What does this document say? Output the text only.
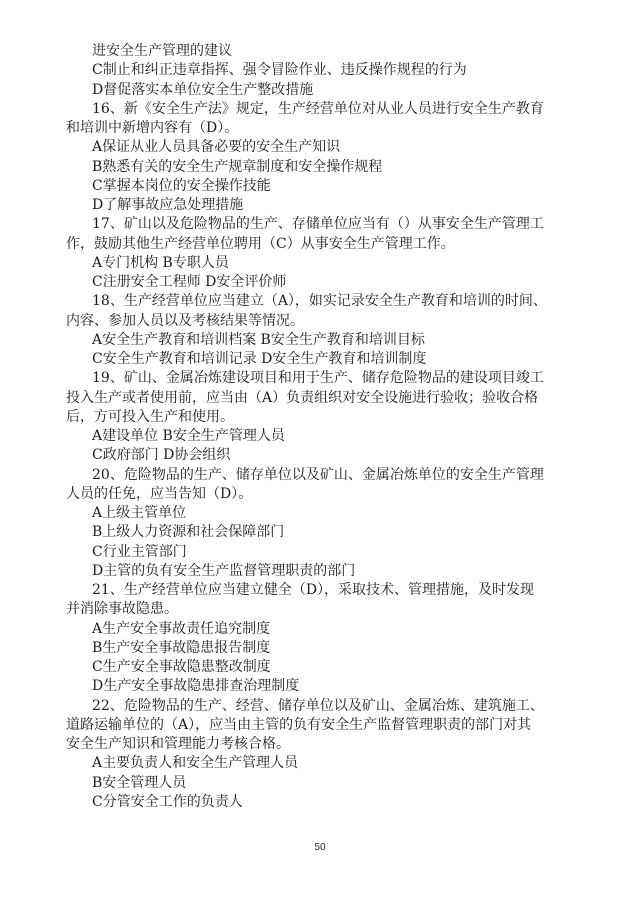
进安全生产管理的建议
C制止和纠正违章指挥、强令冒险作业、违反操作规程的行为
D督促落实本单位安全生产整改措施
16、新《安全生产法》规定，生产经营单位对从业人员进行安全生产教育
和培训中新增内容有（D）。
A保证从业人员具备必要的安全生产知识
B熟悉有关的安全生产规章制度和安全操作规程
C掌握本岗位的安全操作技能
D了解事故应急处理措施
17、矿山以及危险物品的生产、存储单位应当有（）从事安全生产管理工
作，鼓励其他生产经营单位聘用（C）从事安全生产管理工作。
A专门机构 B专职人员
C注册安全工程师 D安全评价师
18、生产经营单位应当建立（A），如实记录安全生产教育和培训的时间、
内容、参加人员以及考核结果等情况。
A安全生产教育和培训档案 B安全生产教育和培训目标
C安全生产教育和培训记录 D安全生产教育和培训制度
19、矿山、金属冶炼建设项目和用于生产、储存危险物品的建设项目竣工
投入生产或者使用前，应当由（A）负责组织对安全设施进行验收；验收合格
后，方可投入生产和使用。
A建设单位 B安全生产管理人员
C政府部门 D协会组织
20、危险物品的生产、储存单位以及矿山、金属冶炼单位的安全生产管理
人员的任免，应当告知（D）。
A上级主管单位
B上级人力资源和社会保障部门
C行业主管部门
D主管的负有安全生产监督管理职责的部门
21、生产经营单位应当建立健全（D），采取技术、管理措施，及时发现
并消除事故隐患。
A生产安全事故责任追究制度
B生产安全事故隐患报告制度
C生产安全事故隐患整改制度
D生产安全事故隐患排查治理制度
22、危险物品的生产、经营、储存单位以及矿山、金属冶炼、建筑施工、
道路运输单位的（A），应当由主管的负有安全生产监督管理职责的部门对其
安全生产知识和管理能力考核合格。
A主要负责人和安全生产管理人员
B安全管理人员
C分管安全工作的负责人
50
